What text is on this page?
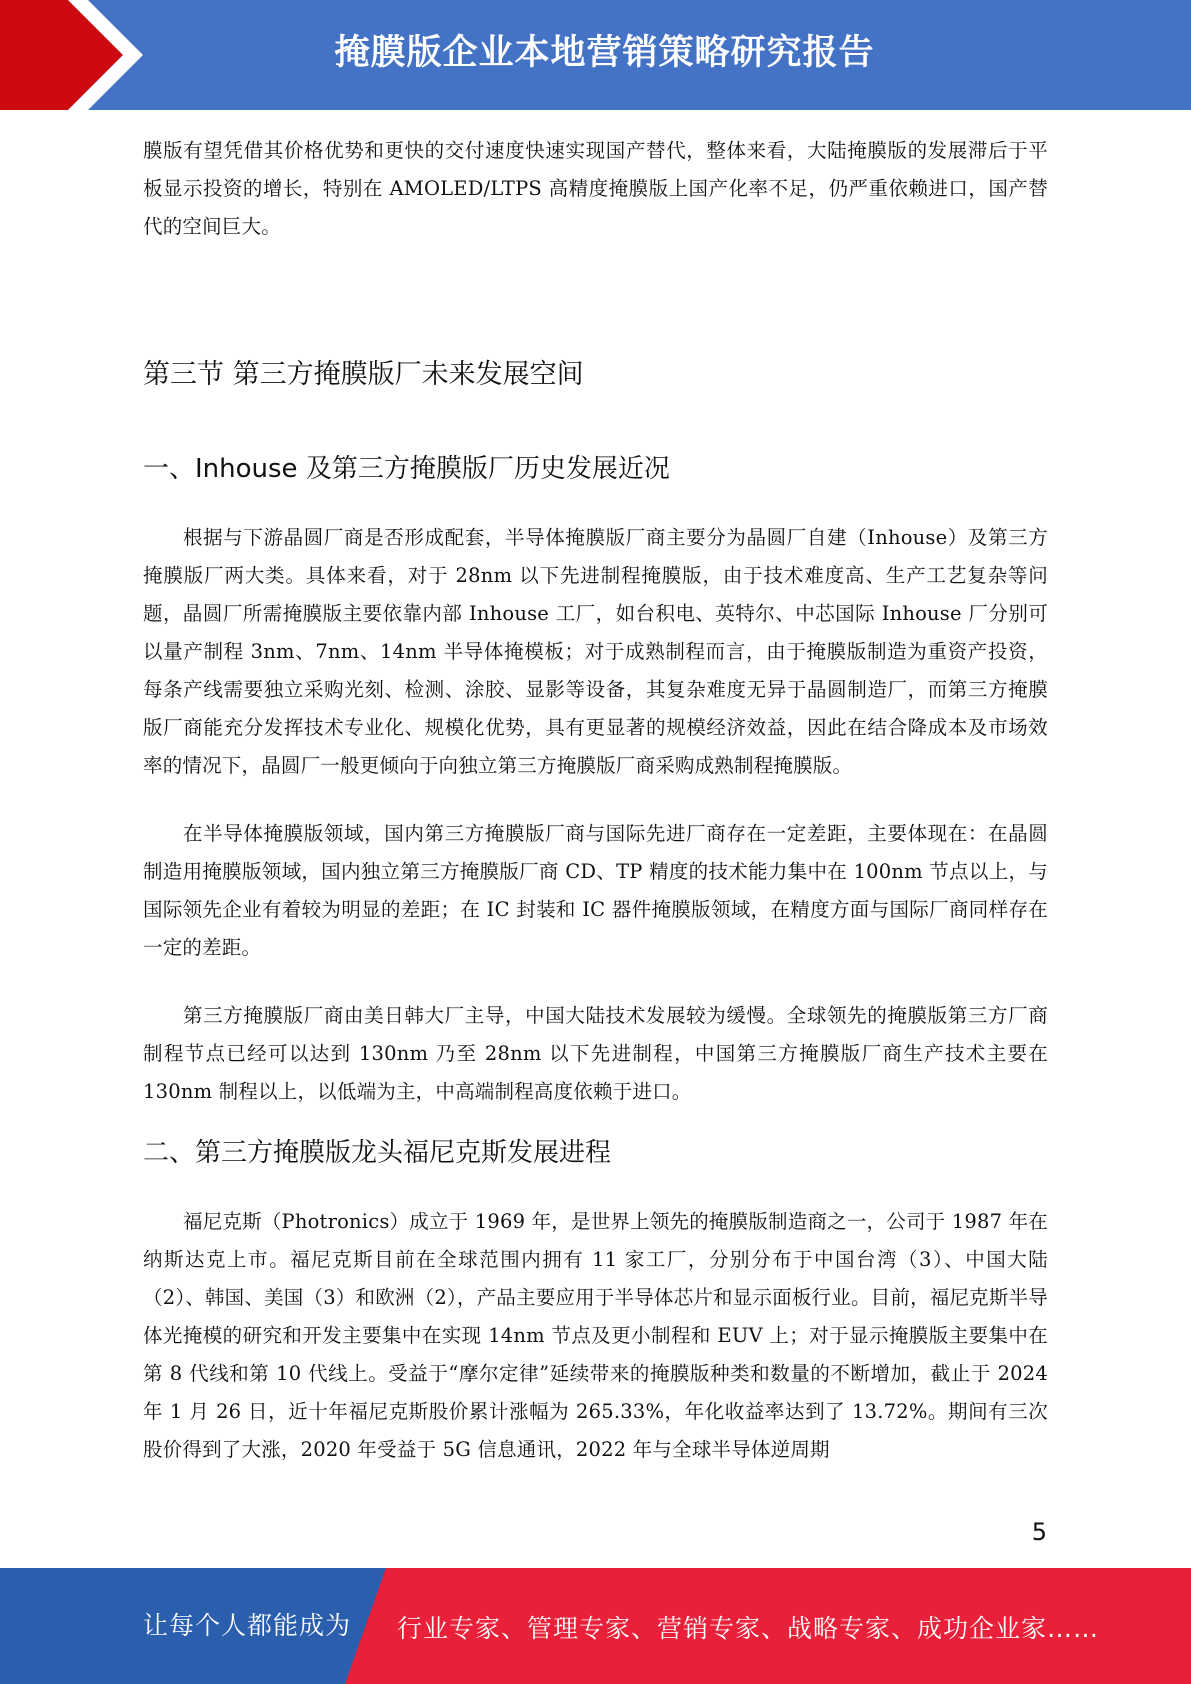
掩膜版企业本地营销策略研究报告

膜版有望凭借其价格优势和更快的交付速度快速实现国产替代，整体来看，大陆掩膜版的发展滞后于平板显示投资的增长，特别在 AMOLED/LTPS 高精度掩膜版上国产化率不足，仍严重依赖进口，国产替代的空间巨大。

第三节 第三方掩膜版厂未来发展空间
一、Inhouse 及第三方掩膜版厂历史发展近况

根据与下游晶圆厂商是否形成配套，半导体掩膜版厂商主要分为晶圆厂自建（Inhouse）及第三方掩膜版厂两大类。具体来看，对于 28nm 以下先进制程掩膜版，由于技术难度高、生产工艺复杂等问题，晶圆厂所需掩膜版主要依靠内部 Inhouse 工厂，如台积电、英特尔、中芯国际 Inhouse 厂分别可以量产制程 3nm、7nm、14nm 半导体掩模板；对于成熟制程而言，由于掩膜版制造为重资产投资，每条产线需要独立采购光刻、检测、涂胶、显影等设备，其复杂难度无异于晶圆制造厂，而第三方掩膜版厂商能充分发挥技术专业化、规模化优势，具有更显著的规模经济效益，因此在结合降成本及市场效率的情况下，晶圆厂一般更倾向于向独立第三方掩膜版厂商采购成熟制程掩膜版。

在半导体掩膜版领域，国内第三方掩膜版厂商与国际先进厂商存在一定差距，主要体现在：在晶圆制造用掩膜版领域，国内独立第三方掩膜版厂商 CD、TP 精度的技术能力集中在 100nm 节点以上，与国际领先企业有着较为明显的差距；在 IC 封装和 IC 器件掩膜版领域，在精度方面与国际厂商同样存在一定的差距。

第三方掩膜版厂商由美日韩大厂主导，中国大陆技术发展较为缓慢。全球领先的掩膜版第三方厂商制程节点已经可以达到 130nm 乃至 28nm 以下先进制程，中国第三方掩膜版厂商生产技术主要在 130nm 制程以上，以低端为主，中高端制程高度依赖于进口。

二、第三方掩膜版龙头福尼克斯发展进程

福尼克斯（Photronics）成立于 1969 年，是世界上领先的掩膜版制造商之一，公司于 1987 年在纳斯达克上市。福尼克斯目前在全球范围内拥有 11 家工厂，分别分布于中国台湾（3）、中国大陆（2）、韩国、美国（3）和欧洲（2），产品主要应用于半导体芯片和显示面板行业。目前，福尼克斯半导体光掩模的研究和开发主要集中在实现 14nm 节点及更小制程和 EUV 上；对于显示掩膜版主要集中在第 8 代线和第 10 代线上。受益于“摩尔定律”延续带来的掩膜版种类和数量的不断增加，截止于 2024 年 1 月 26 日，近十年福尼克斯股价累计涨幅为 265.33%，年化收益率达到了 13.72%。期间有三次股价得到了大涨，2020 年受益于 5G 信息通讯，2022 年与全球半导体逆周期

5
让每个人都能成为 行业专家、管理专家、营销专家、战略专家、成功企业家……
